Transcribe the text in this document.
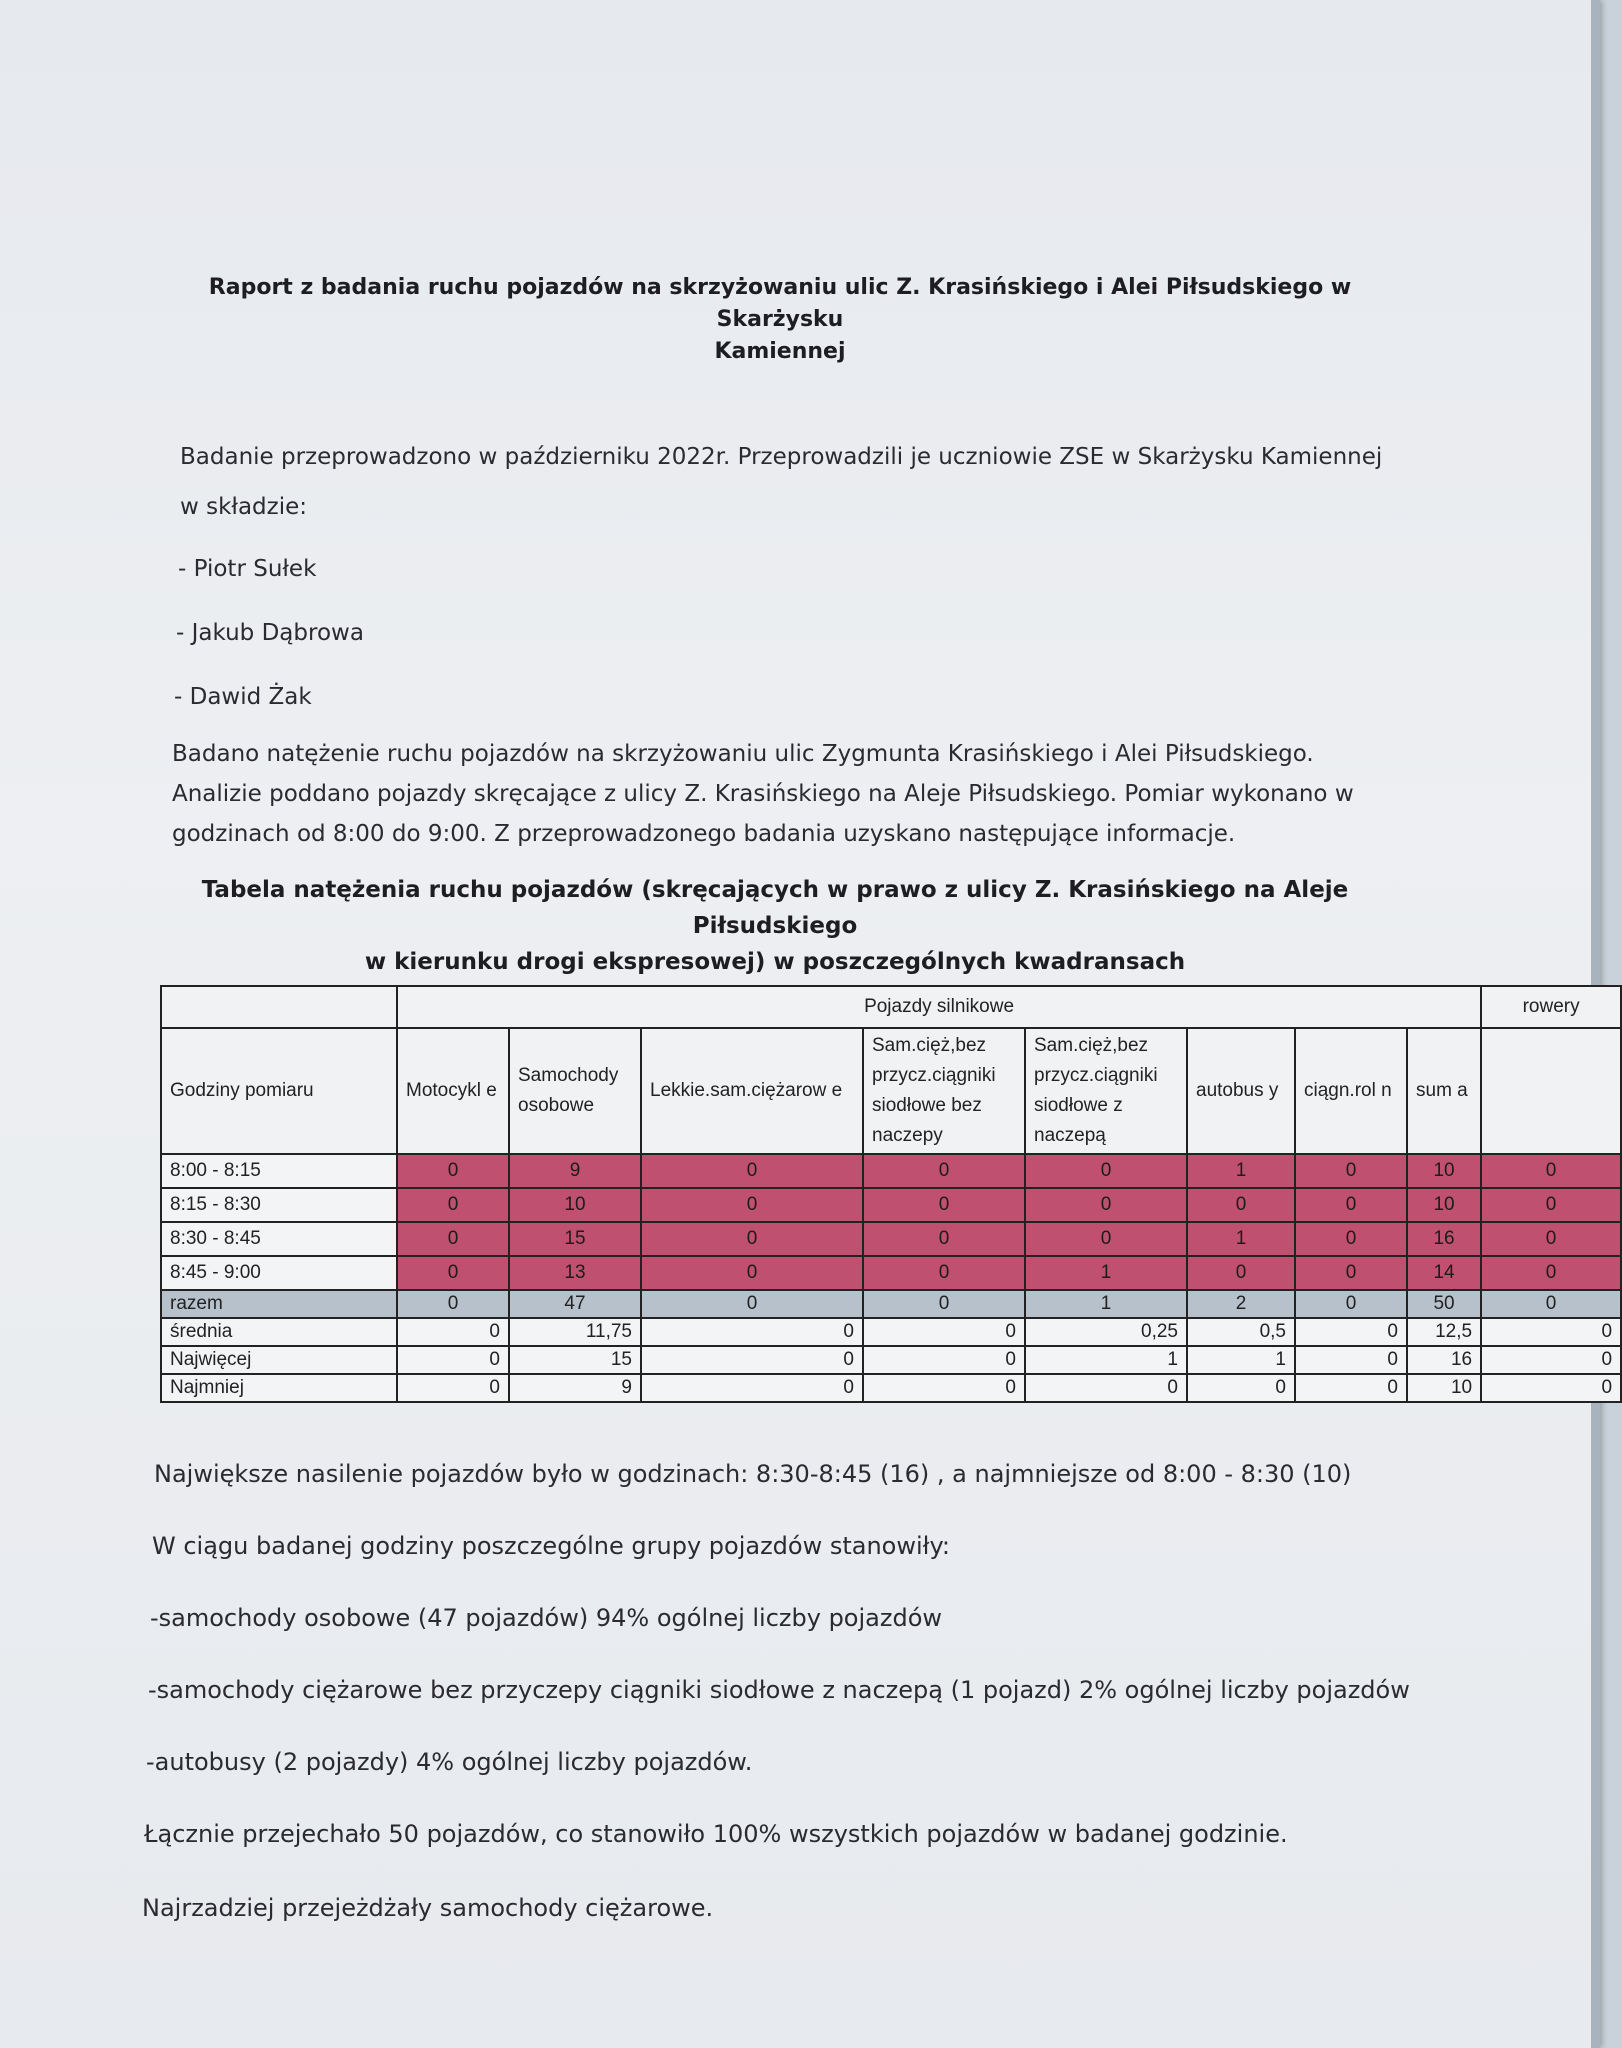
Raport z badania ruchu pojazdów na skrzyżowaniu ulic Z. Krasińskiego i Alei Piłsudskiego w Skarżysku
Kamiennej
Badanie przeprowadzono w październiku 2022r. Przeprowadzili je uczniowie ZSE w Skarżysku Kamiennej
w składzie:
- Piotr Sułek
- Jakub Dąbrowa
- Dawid Żak
Badano natężenie ruchu pojazdów na skrzyżowaniu ulic Zygmunta Krasińskiego i Alei Piłsudskiego. Analizie poddano pojazdy skręcające z ulicy Z. Krasińskiego na Aleje Piłsudskiego. Pomiar wykonano w godzinach od 8:00 do 9:00. Z przeprowadzonego badania uzyskano następujące informacje.
Tabela natężenia ruchu pojazdów (skręcających w prawo z ulicy Z. Krasińskiego na Aleje Piłsudskiego
w kierunku drogi ekspresowej) w poszczególnych kwadransach
	Pojazdy silnikowe								rowery
Godziny pomiaru	Motocykl e	Samochody osobowe	Lekkie.sam.ciężarow e	Sam.cięż,bez przycz.ciągniki siodłowe bez naczepy	Sam.cięż,bez przycz.ciągniki siodłowe z naczepą	autobus y	ciągn.rol n	sum a	
8:00 - 8:15	0	9	0	0	0	1	0	10	0
8:15 - 8:30	0	10	0	0	0	0	0	10	0
8:30 - 8:45	0	15	0	0	0	1	0	16	0
8:45 - 9:00	0	13	0	0	1	0	0	14	0
razem	0	47	0	0	1	2	0	50	0
średnia	0	11,75	0	0	0,25	0,5	0	12,5	0
Najwięcej	0	15	0	0	1	1	0	16	0
Najmniej	0	9	0	0	0	0	0	10	0
Największe nasilenie pojazdów było w godzinach: 8:30-8:45 (16) , a najmniejsze od 8:00 - 8:30 (10)
W ciągu badanej godziny poszczególne grupy pojazdów stanowiły:
-samochody osobowe (47 pojazdów) 94% ogólnej liczby pojazdów
-samochody ciężarowe bez przyczepy ciągniki siodłowe z naczepą (1 pojazd) 2% ogólnej liczby pojazdów
-autobusy (2 pojazdy) 4% ogólnej liczby pojazdów.
Łącznie przejechało 50 pojazdów, co stanowiło 100% wszystkich pojazdów w badanej godzinie.
Najrzadziej przejeżdżały samochody ciężarowe.
